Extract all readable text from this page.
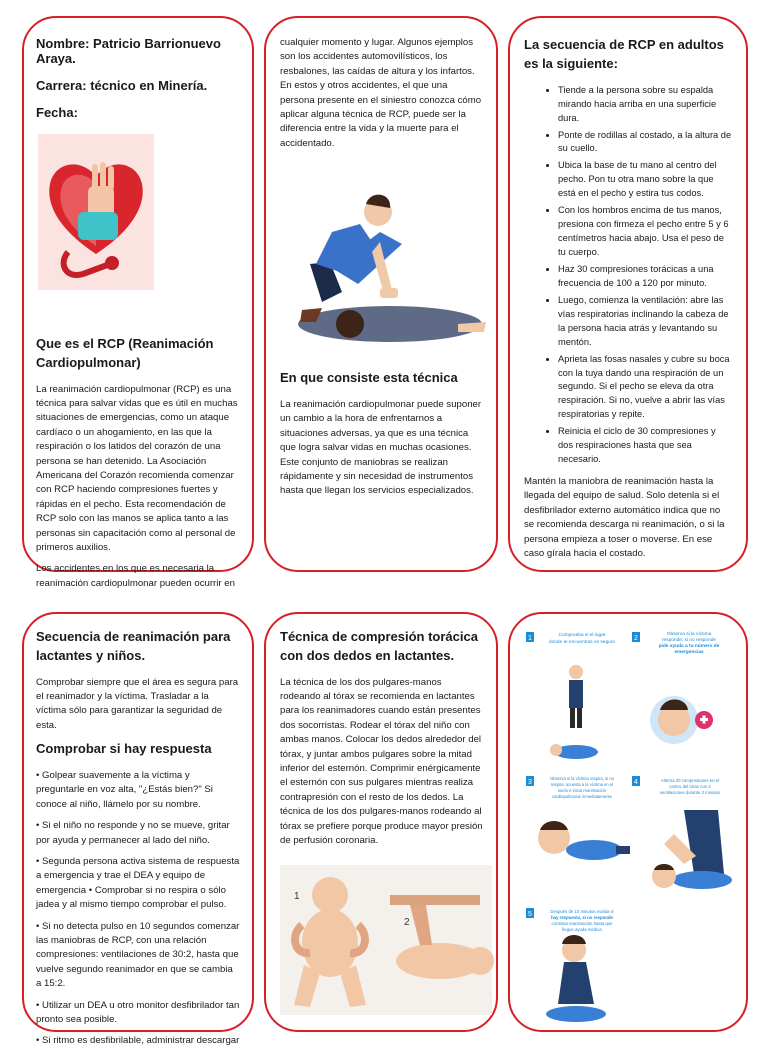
Nombre: Patricio Barrionuevo Araya.
Carrera: técnico en Minería.
Fecha:
Que es el RCP (Reanimación Cardiopulmonar)

La reanimación cardiopulmonar (RCP) es una técnica para salvar vidas que es útil en muchas situaciones de emergencias, como un ataque cardíaco o un ahogamiento, en las que la respiración o los latidos del corazón de una persona se han detenido. La Asociación Americana del Corazón recomienda comenzar con RCP haciendo compresiones fuertes y rápidas en el pecho. Esta recomendación de RCP solo con las manos se aplica tanto a las personas sin capacitación como al personal de primeros auxilios.

Los accidentes en los que es necesaria la reanimación cardiopulmonar pueden ocurrir en

cualquier momento y lugar. Algunos ejemplos son los accidentes automovilísticos, los resbalones, las caídas de altura y los infartos. En estos y otros accidentes, el que una persona presente en el siniestro conozca cómo aplicar alguna técnica de RCP, puede ser la diferencia entre la vida y la muerte para el accidentado.

En que consiste esta técnica

La reanimación cardiopulmonar puede suponer un cambio a la hora de enfrentarnos a situaciones adversas, ya que es una técnica que logra salvar vidas en muchas ocasiones. Este conjunto de maniobras se realizan rápidamente y sin necesidad de instrumentos hasta que llegan los servicios especializados.

La secuencia de RCP en adultos es la siguiente:
• Tiende a la persona sobre su espalda mirando hacia arriba en una superficie dura.
• Ponte de rodillas al costado, a la altura de su cuello.
• Ubica la base de tu mano al centro del pecho. Pon tu otra mano sobre la que está en el pecho y estira tus codos.
• Con los hombros encima de tus manos, presiona con firmeza el pecho entre 5 y 6 centímetros hacia abajo. Usa el peso de tu cuerpo.
• Haz 30 compresiones torácicas a una frecuencia de 100 a 120 por minuto.
• Luego, comienza la ventilación: abre las vías respiratorias inclinando la cabeza de la persona hacia atrás y levantando su mentón.
• Aprieta las fosas nasales y cubre su boca con la tuya dando una respiración de un segundo. Si el pecho se eleva da otra respiración. Si no, vuelve a abrir las vías respiratorias y repite.
• Reinicia el ciclo de 30 compresiones y dos respiraciones hasta que sea necesario.

Mantén la maniobra de reanimación hasta la llegada del equipo de salud. Solo detenla si el desfibrilador externo automático indica que no se recomienda descarga ni reanimación, o si la persona empieza a toser o moverse. En ese caso gírala hacia el costado.

Secuencia de reanimación para lactantes y niños.

Comprobar siempre que el área es segura para el reanimador y la víctima. Trasladar a la víctima sólo para garantizar la seguridad de esta.

Comprobar si hay respuesta

• Golpear suavemente a la víctima y preguntarle en voz alta, "¿Estás bien?" Si conoce al niño, llámelo por su nombre.

• Si el niño no responde y no se mueve, gritar por ayuda y permanecer al lado del niño.

• Segunda persona activa sistema de respuesta a emergencia y trae el DEA y equipo de emergencia • Comprobar si no respira o sólo jadea y al mismo tiempo comprobar el pulso.

• Si no detecta pulso en 10 segundos comenzar las maniobras de RCP, con una relación compresiones: ventilaciones de 30:2, hasta que vuelve segundo reanimador en que se cambia a 15:2.

• Utilizar un DEA u otro monitor desfibrilador tan pronto sea posible.

• Si ritmo es desfibrilable, administrar descargar

Técnica de compresión torácica con dos dedos en lactantes.

La técnica de los dos pulgares-manos rodeando al tórax se recomienda en lactantes para los reanimadores cuando están presentes dos socorristas. Rodear el tórax del niño con ambas manos. Colocar los dedos alrededor del tórax, y juntar ambos pulgares sobre la mitad inferior del esternón. Comprimir enérgicamente el esternón con sus pulgares mientras realiza contrapresión con el resto de los dedos. La técnica de los dos pulgares-manos rodeando al tórax se prefiere porque produce mayor presión de perfusión coronaria.

1
2
1	Comprueba si el lugar
donde te encuentras es seguro
2
Observa si la víctima
responde; si no responde
pide ayuda a tu número de
emergencias
3
Observa si la víctima respira, si no
respira, acuesta a la víctima en el
suelo e inicia reanimación
cardiopulmonar inmediatamente
4	Alterna 30 compresiones en el
centro del tórax con 2
ventilaciones durante 2 minutos
5	Después de 10 minutos evalúa si
hay respuesta, si no responde
continua reanimación hasta que
llegue ayuda médica
